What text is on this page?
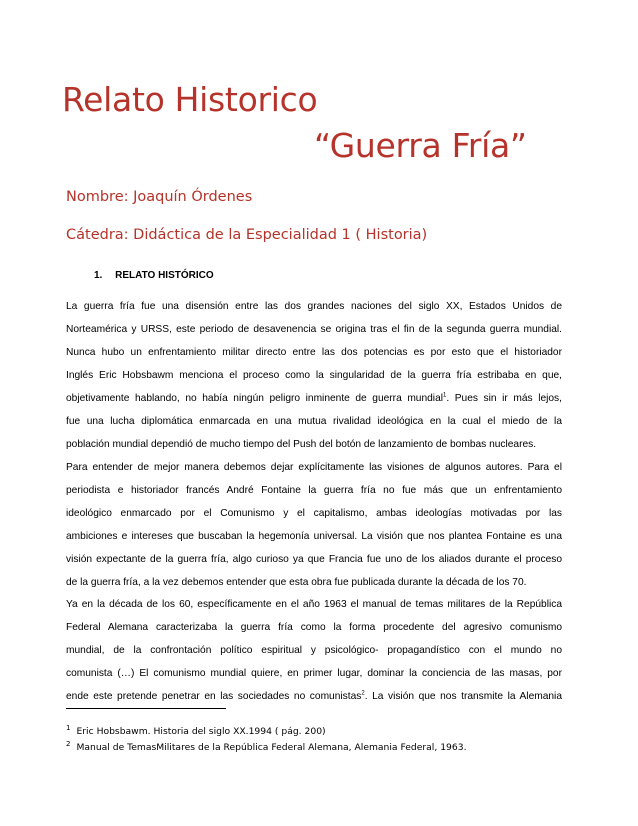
Relato Historico
“Guerra Fría”

Nombre: Joaquín Órdenes

Cátedra: Didáctica de la Especialidad 1 ( Historia)

1. RELATO HISTÓRICO

La guerra fría fue una disensión entre las dos grandes naciones del siglo XX, Estados Unidos de
Norteamérica y URSS, este periodo de desavenencia se origina tras el fin de la segunda guerra mundial.
Nunca hubo un enfrentamiento militar directo entre las dos potencias es por esto que el historiador
Inglés Eric Hobsbawm menciona el proceso como la singularidad de la guerra fría estribaba en que,
objetivamente hablando, no había ningún peligro inminente de guerra mundial$^1$. Pues sin ir más lejos,
fue una lucha diplomática enmarcada en una mutua rivalidad ideológica en la cual el miedo de la
población mundial dependió de mucho tiempo del Push del botón de lanzamiento de bombas nucleares.
Para entender de mejor manera debemos dejar explícitamente las visiones de algunos autores. Para el
periodista e historiador francés André Fontaine la guerra fría no fue más que un enfrentamiento
ideológico enmarcado por el Comunismo y el capitalismo, ambas ideologías motivadas por las
ambiciones e intereses que buscaban la hegemonía universal. La visión que nos plantea Fontaine es una
visión expectante de la guerra fría, algo curioso ya que Francia fue uno de los aliados durante el proceso
de la guerra fría, a la vez debemos entender que esta obra fue publicada durante la década de los 70.
Ya en la década de los 60, específicamente en el año 1963 el manual de temas militares de la República
Federal Alemana caracterizaba la guerra fría como la forma procedente del agresivo comunismo
mundial, de la confrontación político espiritual y psicológico- propagandístico con el mundo no
comunista (…) El comunismo mundial quiere, en primer lugar, dominar la conciencia de las masas, por
ende este pretende penetrar en las sociedades no comunistas$^2$. La visión que nos transmite la Alemania

$^1$ Eric Hobsbawm. Historia del siglo XX.1994 ( pág. 200)

$^2$ Manual de TemasMilitares de la República Federal Alemana, Alemania Federal, 1963.
